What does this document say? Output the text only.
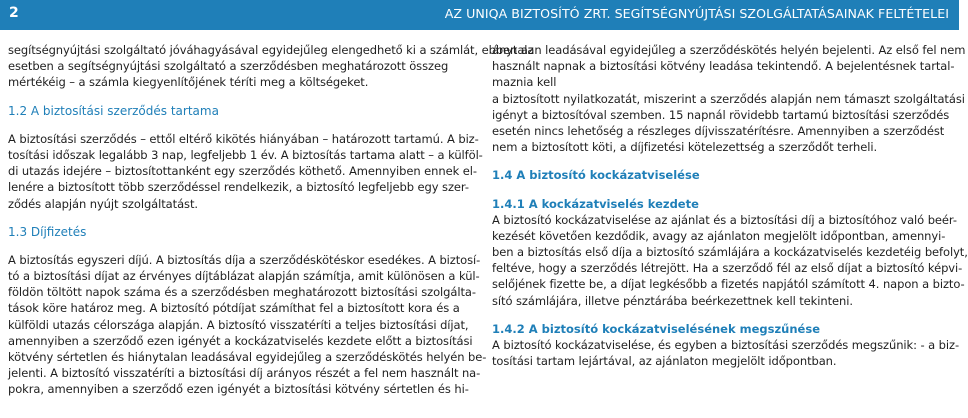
2	AZ UNIQA BIZTOSÍTÓ ZRT. SEGÍTSÉGNYÚJTÁSI SZOLGÁLTATÁSAINAK FELTÉTELEI
segítségnyújtási szolgáltató jóváhagyásával egyidejűleg elengedhető ki a számlát, ebben az
esetben a segítségnyújtási szolgáltató a szerződésben meghatározott összeg
mértékéig – a számla kiegyenlítőjének téríti meg a költségeket.
1.2 A biztosítási szerződés tartama
A biztosítási szerződés – ettől eltérő kikötés hiányában – határozott tartamú. A biz-
tosítási időszak legalább 3 nap, legfeljebb 1 év. A biztosítás tartama alatt – a külföl-
di utazás idejére – biztosítottanként egy szerződés köthető. Amennyiben ennek el-
lenére a biztosított több szerződéssel rendelkezik, a biztosító legfeljebb egy szer-
ződés alapján nyújt szolgáltatást.
1.3 Díjfizetés
A biztosítás egyszeri díjú. A biztosítás díja a szerződéskötéskor esedékes. A biztosí-
tó a biztosítási díjat az érvényes díjtáblázat alapján számítja, amit különösen a kül-
földön töltött napok száma és a szerződésben meghatározott biztosítási szolgálta-
tások köre határoz meg. A biztosító pótdíjat számíthat fel a biztosított kora és a
külföldi utazás célországa alapján. A biztosító visszatéríti a teljes biztosítási díjat,
amennyiben a szerződő ezen igényét a kockázatviselés kezdete előtt a biztosítási
kötvény sértetlen és hiánytalan leadásával egyidejűleg a szerződéskötés helyén be-
jelenti. A biztosító visszatéríti a biztosítási díj arányos részét a fel nem használt na-
pokra, amennyiben a szerződő ezen igényét a biztosítási kötvény sértetlen és hi-
ánytalan leadásával egyidejűleg a szerződéskötés helyén bejelenti. Az első fel nem
használt napnak a biztosítási kötvény leadása tekintendő. A bejelentésnek tartal-
maznia kell
a biztosított nyilatkozatát, miszerint a szerződés alapján nem támaszt szolgáltatási
igényt a biztosítóval szemben. 15 napnál rövidebb tartamú biztosítási szerződés
esetén nincs lehetőség a részleges díjvisszatérítésre. Amennyiben a szerződést
nem a biztosított köti, a díjfizetési kötelezettség a szerződőt terheli.
1.4 A biztosító kockázatviselése
1.4.1 A kockázatviselés kezdete
A biztosító kockázatviselése az ajánlat és a biztosítási díj a biztosítóhoz való beér-
kezését követően kezdődik, avagy az ajánlaton megjelölt időpontban, amennyi-
ben a biztosítás első díja a biztosító számlájára a kockázatviselés kezdetéig befolyt,
feltéve, hogy a szerződés létrejött. Ha a szerződő fél az első díjat a biztosító képvi-
selőjének fizette be, a díjat legkésőbb a fizetés napjától számított 4. napon a bizto-
sító számlájára, illetve pénztárába beérkezettnek kell tekinteni.
1.4.2 A biztosító kockázatviselésének megszűnése
A biztosító kockázatviselése, és egyben a biztosítási szerződés megszűnik: - a biz-
tosítási tartam lejártával, az ajánlaton megjelölt időpontban.
